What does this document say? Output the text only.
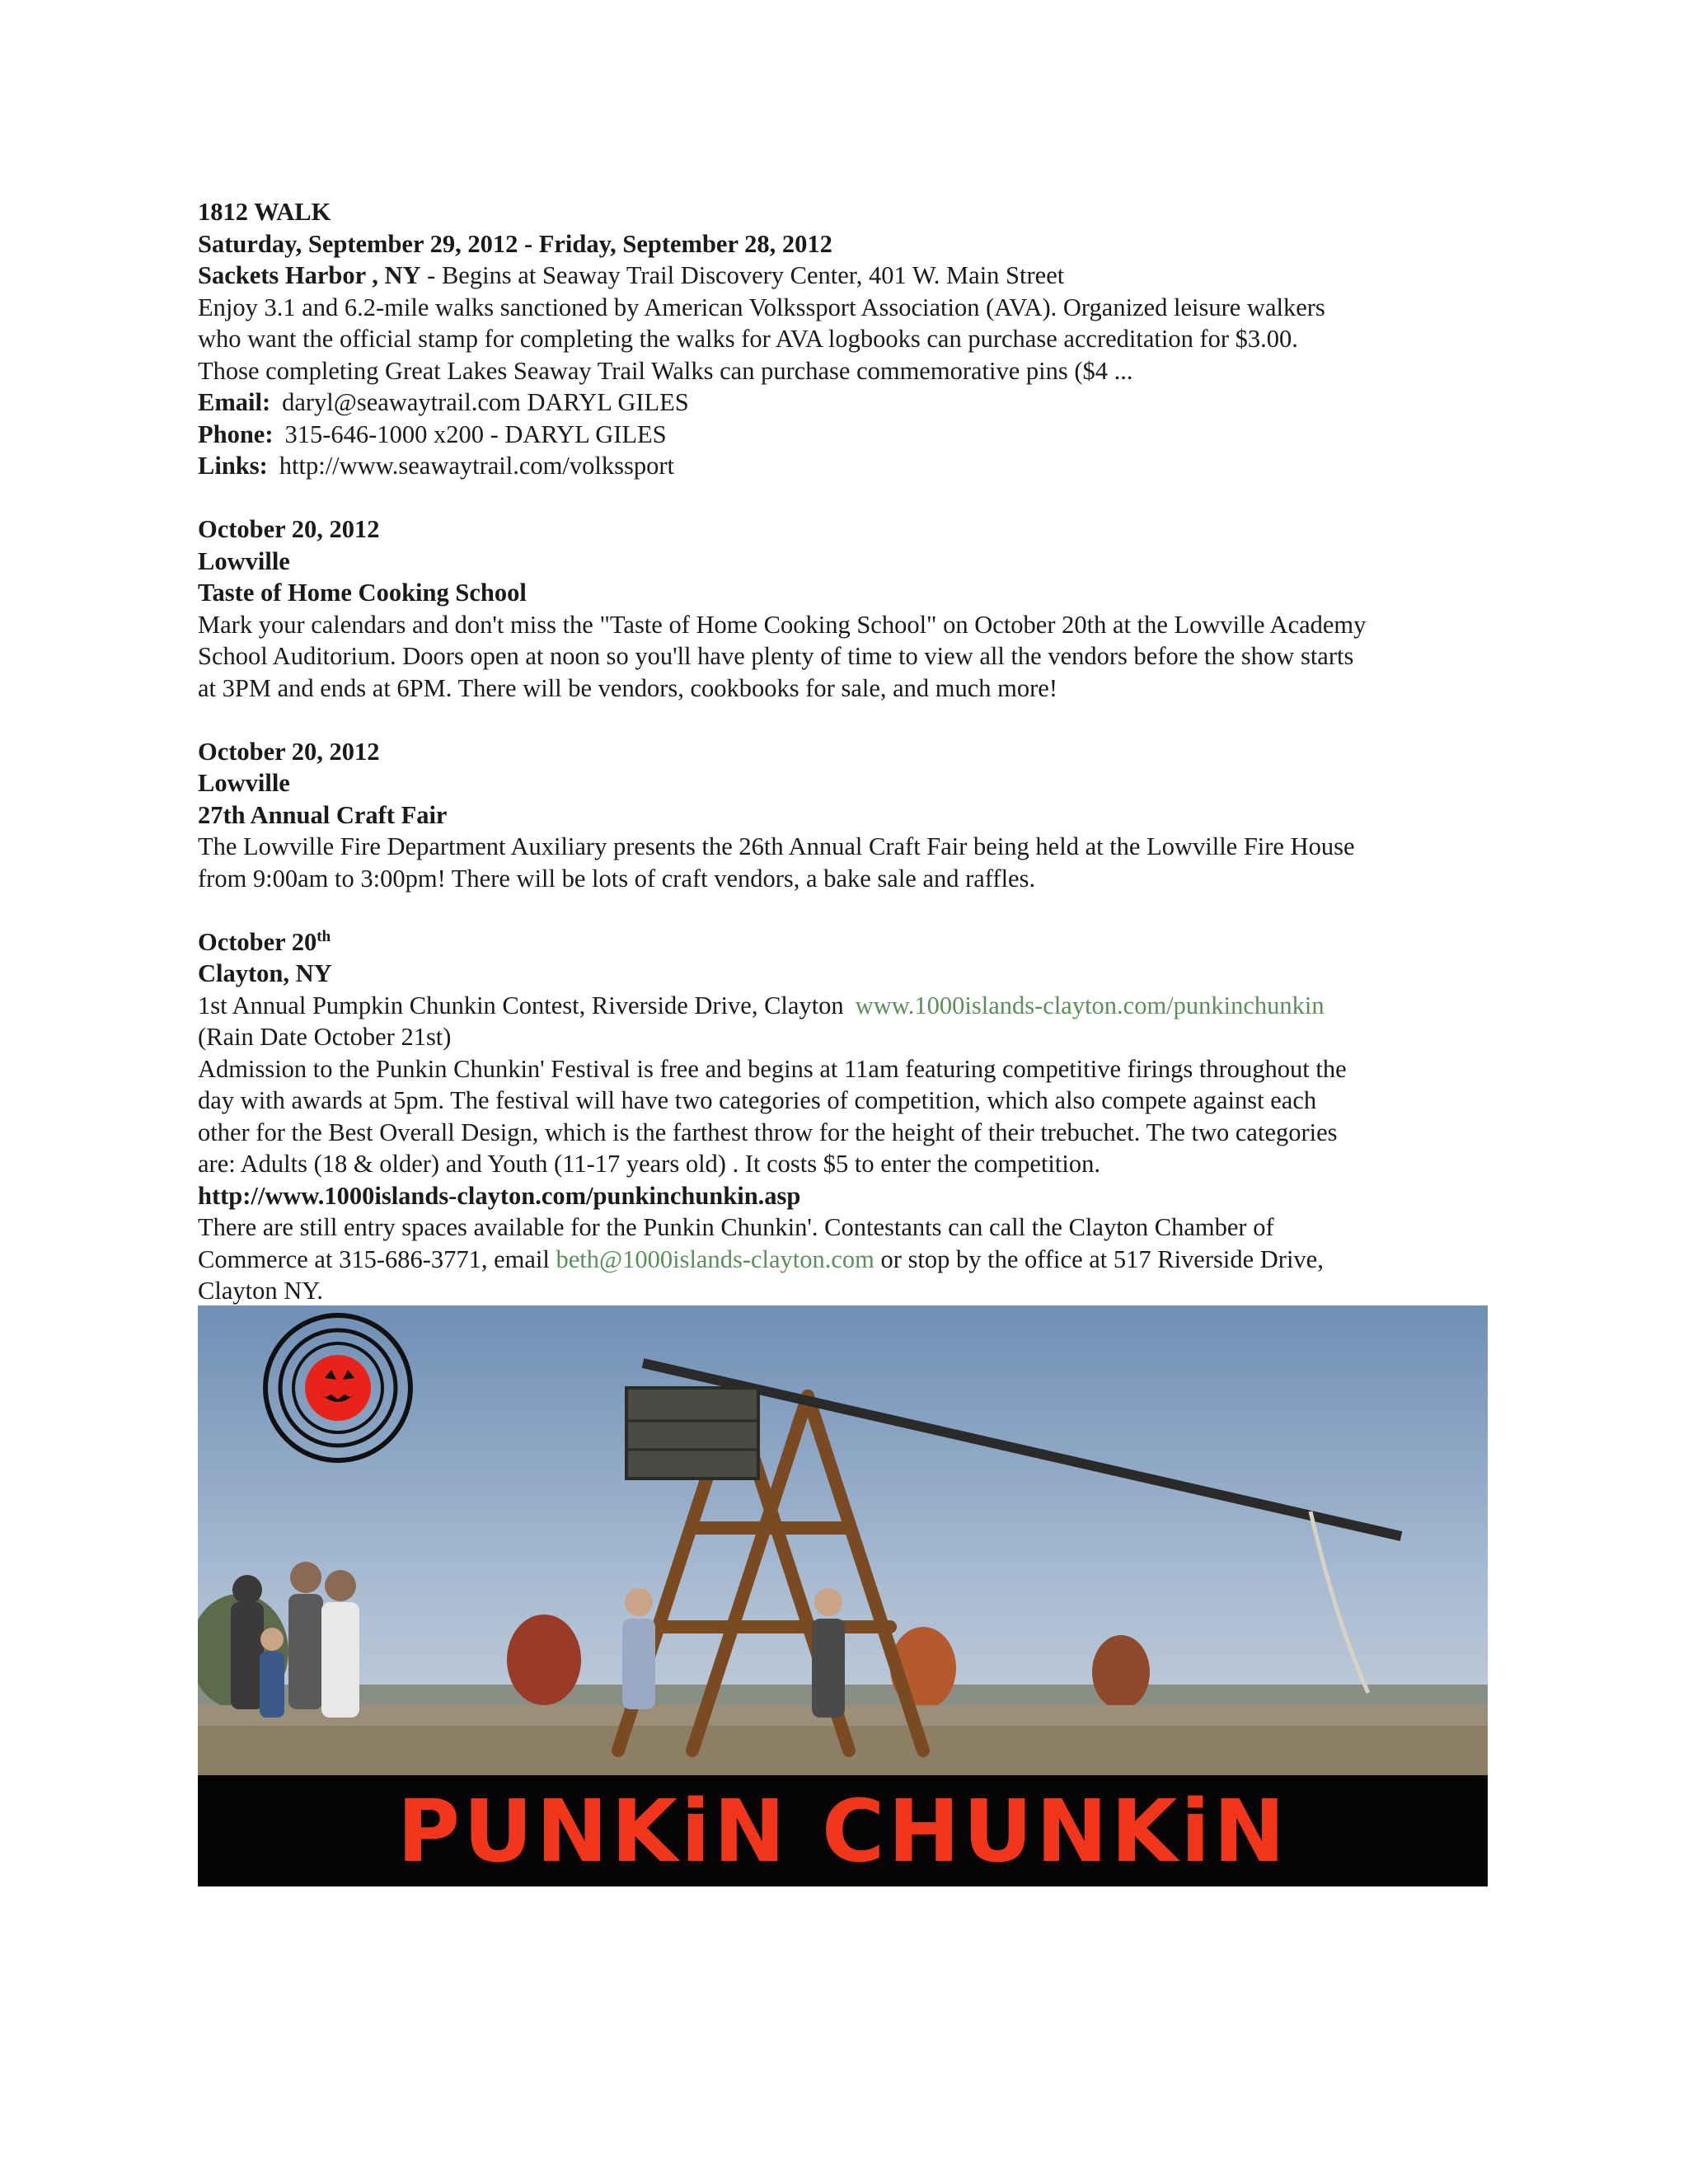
1812 WALK
Saturday, September 29, 2012 - Friday, September 28, 2012
Sackets Harbor , NY - Begins at Seaway Trail Discovery Center, 401 W. Main Street
Enjoy 3.1 and 6.2-mile walks sanctioned by American Volkssport Association (AVA). Organized leisure walkers
who want the official stamp for completing the walks for AVA logbooks can purchase accreditation for $3.00.
Those completing Great Lakes Seaway Trail Walks can purchase commemorative pins ($4 ...
Email: daryl@seawaytrail.com DARYL GILES
Phone: 315-646-1000 x200 - DARYL GILES
Links: http://www.seawaytrail.com/volkssport
October 20, 2012
Lowville
Taste of Home Cooking School
Mark your calendars and don't miss the "Taste of Home Cooking School" on October 20th at the Lowville Academy
School Auditorium. Doors open at noon so you'll have plenty of time to view all the vendors before the show starts
at 3PM and ends at 6PM. There will be vendors, cookbooks for sale, and much more!
October 20, 2012
Lowville
27th Annual Craft Fair
The Lowville Fire Department Auxiliary presents the 26th Annual Craft Fair being held at the Lowville Fire House
from 9:00am to 3:00pm! There will be lots of craft vendors, a bake sale and raffles.
October 20th
Clayton, NY
1st Annual Pumpkin Chunkin Contest, Riverside Drive, Clayton www.1000islands-clayton.com/punkinchunkin
(Rain Date October 21st)
Admission to the Punkin Chunkin' Festival is free and begins at 11am featuring competitive firings throughout the
day with awards at 5pm. The festival will have two categories of competition, which also compete against each
other for the Best Overall Design, which is the farthest throw for the height of their trebuchet. The two categories
are: Adults (18 & older) and Youth (11-17 years old) . It costs $5 to enter the competition.
http://www.1000islands-clayton.com/punkinchunkin.asp
There are still entry spaces available for the Punkin Chunkin'. Contestants can call the Clayton Chamber of
Commerce at 315-686-3771, email beth@1000islands-clayton.com or stop by the office at 517 Riverside Drive,
Clayton NY.
PUNKiN CHUNKiN
